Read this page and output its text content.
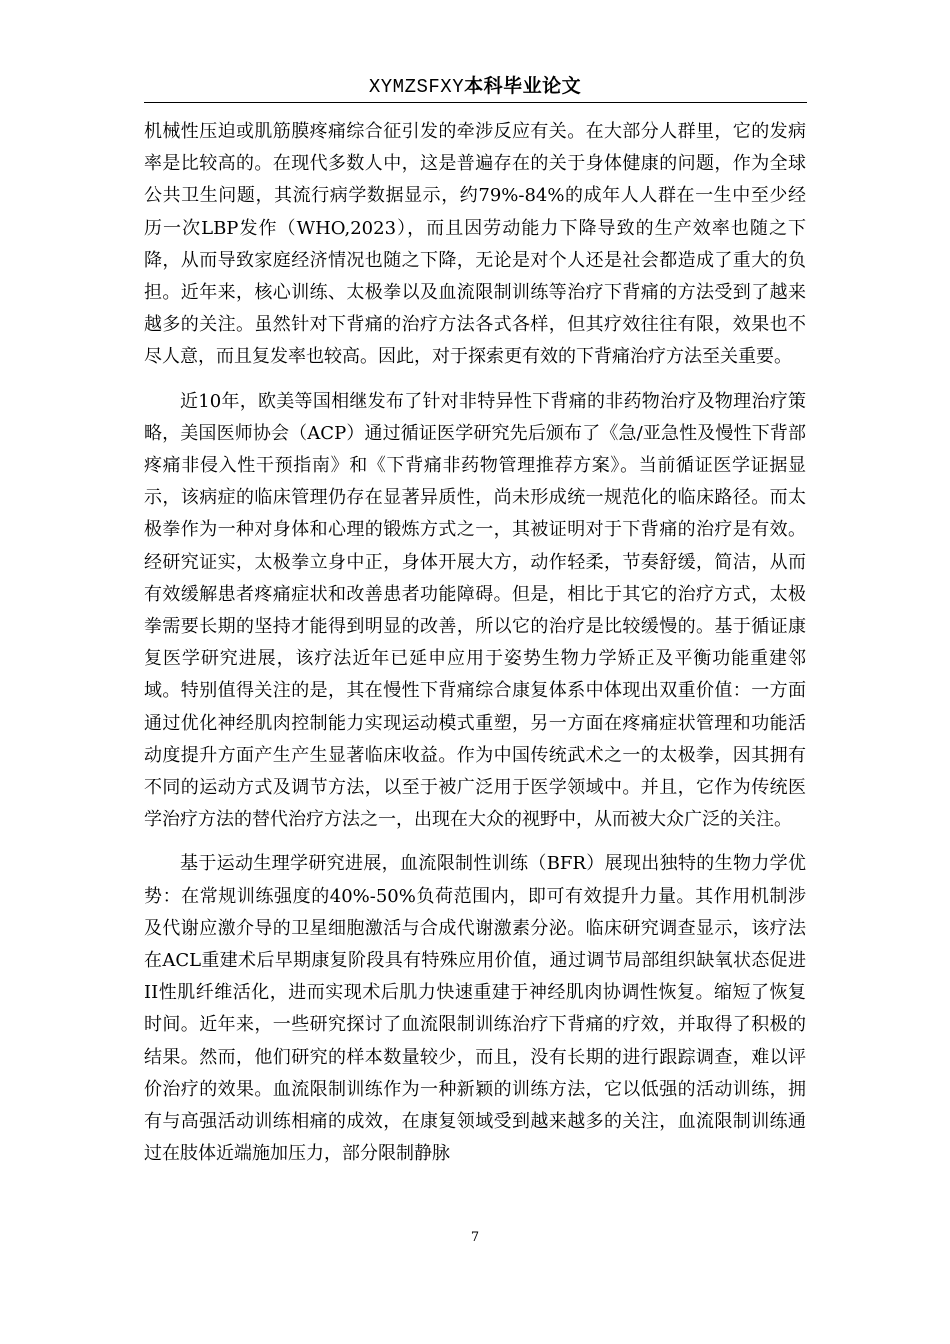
XYMZSFXY本科毕业论文

机械性压迫或肌筋膜疼痛综合征引发的牵涉反应有关。在大部分人群里，它的发病率是比较高的。在现代多数人中，这是普遍存在的关于身体健康的问题，作为全球公共卫生问题，其流行病学数据显示，约79%-84%的成年人人群在一生中至少经历一次LBP发作（WHO,2023），而且因劳动能力下降导致的生产效率也随之下降，从而导致家庭经济情况也随之下降，无论是对个人还是社会都造成了重大的负担。近年来，核心训练、太极拳以及血流限制训练等治疗下背痛的方法受到了越来越多的关注。虽然针对下背痛的治疗方法各式各样，但其疗效往往有限，效果也不尽人意，而且复发率也较高。因此，对于探索更有效的下背痛治疗方法至关重要。

近10年，欧美等国相继发布了针对非特异性下背痛的非药物治疗及物理治疗策略，美国医师协会（ACP）通过循证医学研究先后颁布了《急/亚急性及慢性下背部疼痛非侵入性干预指南》和《下背痛非药物管理推荐方案》。当前循证医学证据显示，该病症的临床管理仍存在显著异质性，尚未形成统一规范化的临床路径。而太极拳作为一种对身体和心理的锻炼方式之一，其被证明对于下背痛的治疗是有效。经研究证实，太极拳立身中正，身体开展大方，动作轻柔，节奏舒缓，简洁，从而有效缓解患者疼痛症状和改善患者功能障碍。但是，相比于其它的治疗方式，太极拳需要长期的坚持才能得到明显的改善，所以它的治疗是比较缓慢的。基于循证康复医学研究进展，该疗法近年已延申应用于姿势生物力学矫正及平衡功能重建邻域。特别值得关注的是，其在慢性下背痛综合康复体系中体现出双重价值：一方面通过优化神经肌肉控制能力实现运动模式重塑，另一方面在疼痛症状管理和功能活动度提升方面产生产生显著临床收益。作为中国传统武术之一的太极拳，因其拥有不同的运动方式及调节方法，以至于被广泛用于医学领域中。并且，它作为传统医学治疗方法的替代治疗方法之一，出现在大众的视野中，从而被大众广泛的关注。

基于运动生理学研究进展，血流限制性训练（BFR）展现出独特的生物力学优势：在常规训练强度的40%-50%负荷范围内，即可有效提升力量。其作用机制涉及代谢应激介导的卫星细胞激活与合成代谢激素分泌。临床研究调查显示，该疗法在ACL重建术后早期康复阶段具有特殊应用价值，通过调节局部组织缺氧状态促进II性肌纤维活化，进而实现术后肌力快速重建于神经肌肉协调性恢复。缩短了恢复时间。近年来，一些研究探讨了血流限制训练治疗下背痛的疗效，并取得了积极的结果。然而，他们研究的样本数量较少，而且，没有长期的进行跟踪调查，难以评价治疗的效果。血流限制训练作为一种新颖的训练方法，它以低强的活动训练，拥有与高强活动训练相痛的成效，在康复领域受到越来越多的关注，血流限制训练通过在肢体近端施加压力，部分限制静脉

7
